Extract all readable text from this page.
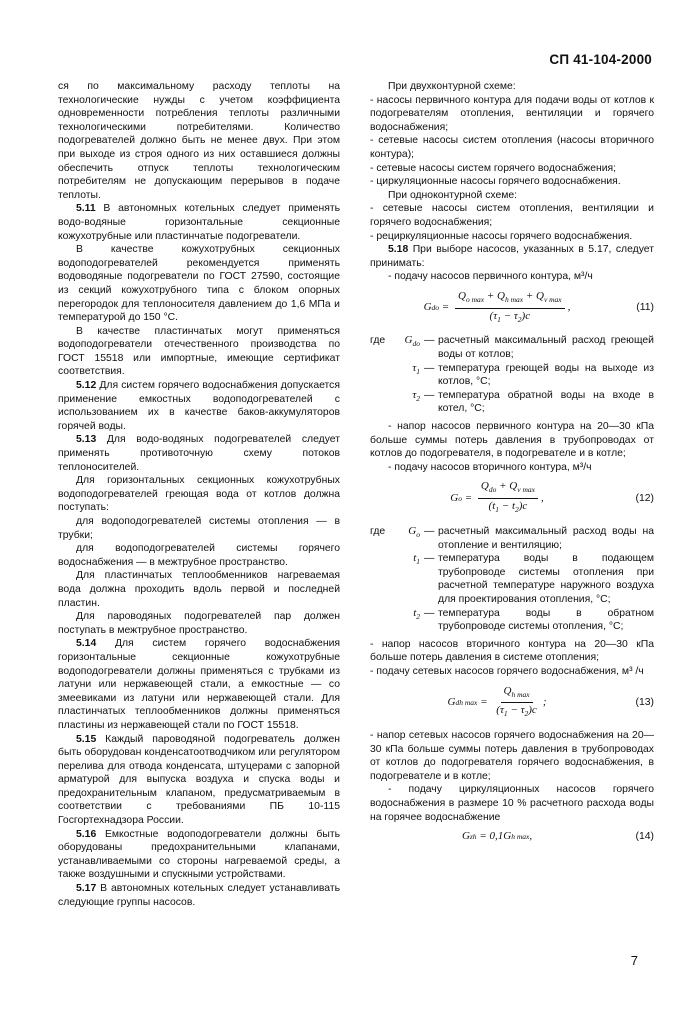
СП 41-104-2000

ся по максимальному расходу теплоты на технологические нужды с учетом коэффициента одновременности потребления теплоты различными технологическими потребителями. Количество подогревателей должно быть не менее двух. При этом при выходе из строя одного из них оставшиеся должны обеспечить отпуск теплоты технологическим потребителям не допускающим перерывов в подаче теплоты.

5.11 В автономных котельных следует применять водо-водяные горизонтальные секционные кожухотрубные или пластинчатые подогреватели.

В качестве кожухотрубных секционных водоподогревателей рекомендуется применять водоводяные подогреватели по ГОСТ 27590, состоящие из секций кожухотрубного типа с блоком опорных перегородок для теплоносителя давлением до 1,6 МПа и температурой до 150 °С.

В качестве пластинчатых могут применяться водоподогреватели отечественного производства по ГОСТ 15518 или импортные, имеющие сертификат соответствия.

5.12 Для систем горячего водоснабжения допускается применение емкостных водоподогревателей с использованием их в качестве баков-аккумуляторов горячей воды.

5.13 Для водо-водяных подогревателей следует применять противоточную схему потоков теплоносителей.

Для горизонтальных секционных кожухотрубных водоподогревателей греющая вода от котлов должна поступать:

для водоподогревателей системы отопления — в трубки;

для водоподогревателей системы горячего водоснабжения — в межтрубное пространство.

Для пластинчатых теплообменников нагреваемая вода должна проходить вдоль первой и последней пластин.

Для пароводяных подогревателей пар должен поступать в межтрубное пространство.

5.14 Для систем горячего водоснабжения горизонтальные секционные кожухотрубные водоподогреватели должны применяться с трубками из латуни или нержавеющей стали, а емкостные — со змеевиками из латуни или нержавеющей стали. Для пластинчатых теплообменников должны применяться пластины из нержавеющей стали по ГОСТ 15518.

5.15 Каждый пароводяной подогреватель должен быть оборудован конденсатоотводчиком или регулятором перелива для отвода конденсата, штуцерами с запорной арматурой для выпуска воздуха и спуска воды и предохранительным клапаном, предусматриваемым в соответствии с требованиями ПБ 10-115 Госгортехнадзора России.

5.16 Емкостные водоподогреватели должны быть оборудованы предохранительными клапанами, устанавливаемыми со стороны нагреваемой среды, а также воздушными и спускными устройствами.

5.17 В автономных котельных следует устанавливать следующие группы насосов.

При двухконтурной схеме:

- насосы первичного контура для подачи воды от котлов к подогревателям отопления, вентиляции и горячего водоснабжения;

- сетевые насосы систем отопления (насосы вторичного контура);

- сетевые насосы систем горячего водоснабжения;

- циркуляционные насосы горячего водоснабжения.

При одноконтурной схеме:

- сетевые насосы систем отопления, вентиляции и горячего водоснабжения;

- рециркуляционные насосы горячего водоснабжения.

5.18 При выборе насосов, указанных в 5.17, следует принимать:

- подачу насосов первичного контура, м³/ч

G do = $\frac{Q_{o max} + Q_{h max} + Q_{v max}}{(\tau_1 - \tau_2)c}$ ,	(11)
где	$G_{do}$ — расчетный максимальный расход греющей воды от котлов;
$\tau_1$ — температура греющей воды на выходе из котлов, °С;
$\tau_2$ — температура обратной воды на входе в котел, °С;

- напор насосов первичного контура на 20—30 кПа больше суммы потерь давления в трубопроводах от котлов до подогревателя, в подогревателе и в котле;

- подачу насосов вторичного контура, м³/ч

G $o = \frac{Q_{do} + Q_{v max}}{(t_1 - t_2)c}$ ,	(12)
где	$G_o$ — расчетный максимальный расход воды на отопление и вентиляцию;
$t_1$ — температура воды в подающем трубопроводе системы отопления при расчетной температуре наружного воздуха для проектирования отопления, °С;
$t_2$ — температура воды в обратном трубопроводе системы отопления, °С;

- напор насосов вторичного контура на 20—30 кПа больше потерь давления в системе отопления;

- подачу сетевых насосов горячего водоснабжения, м³ /ч

G dh $\max = \frac{Q_{h max}}{(\tau_1 - \tau_2)c}$ ;	(13)

- напор сетевых насосов горячего водоснабжения на 20—30 кПа больше суммы потерь давления в трубопроводах от котлов до подогревателя горячего водоснабжения, в подогревателе и в котле;

- подачу циркуляционных насосов горячего водоснабжения в размере 10 % расчетного расхода воды на горячее водоснабжение

G zh = 0,1G h max ,	(14)
7
